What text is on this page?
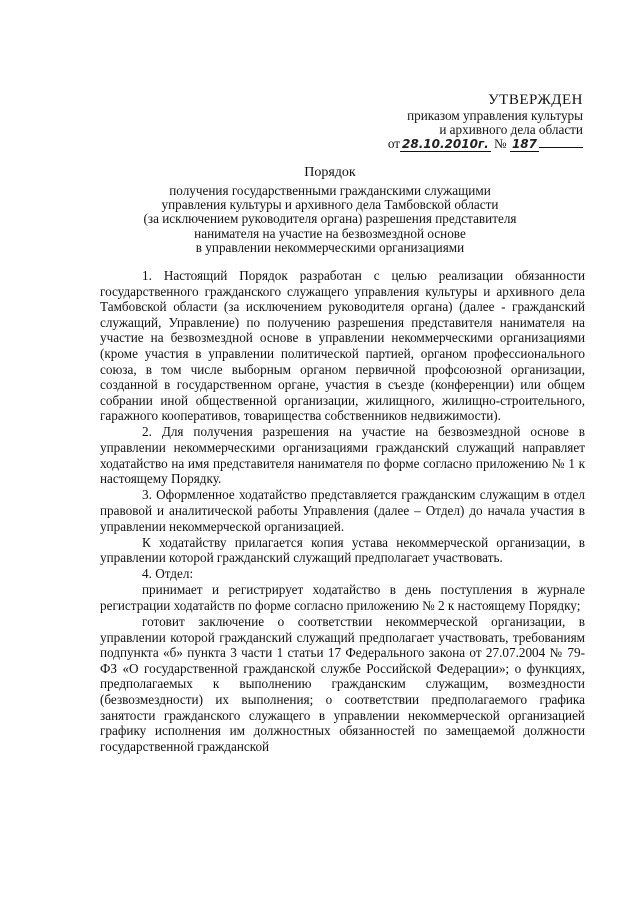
УТВЕРЖДЕН
приказом управления культуры
и архивного дела области
от 28.10.2010г. № 187
Порядок
получения государственными гражданскими служащими
управления культуры и архивного дела Тамбовской области
(за исключением руководителя органа) разрешения представителя
нанимателя на участие на безвозмездной основе
в управлении некоммерческими организациями

1. Настоящий Порядок разработан с целью реализации обязанности государственного гражданского служащего управления культуры и архивного дела Тамбовской области (за исключением руководителя органа) (далее - гражданский служащий, Управление) по получению разрешения представителя нанимателя на участие на безвозмездной основе в управлении некоммерческими организациями (кроме участия в управлении политической партией, органом профессионального союза, в том числе выборным органом первичной профсоюзной организации, созданной в государственном органе, участия в съезде (конференции) или общем собрании иной общественной организации, жилищного, жилищно-строительного, гаражного кооперативов, товарищества собственников недвижимости).

2. Для получения разрешения на участие на безвозмездной основе в управлении некоммерческими организациями гражданский служащий направляет ходатайство на имя представителя нанимателя по форме согласно приложению № 1 к настоящему Порядку.

3. Оформленное ходатайство представляется гражданским служащим в отдел правовой и аналитической работы Управления (далее – Отдел) до начала участия в управлении некоммерческой организацией.

К ходатайству прилагается копия устава некоммерческой организации, в управлении которой гражданский служащий предполагает участвовать.

4. Отдел:

принимает и регистрирует ходатайство в день поступления в журнале регистрации ходатайств по форме согласно приложению № 2 к настоящему Порядку;

готовит заключение о соответствии некоммерческой организации, в управлении которой гражданский служащий предполагает участвовать, требованиям подпункта «б» пункта 3 части 1 статьи 17 Федерального закона от 27.07.2004 № 79-ФЗ «О государственной гражданской службе Российской Федерации»; о функциях, предполагаемых к выполнению гражданским служащим, возмездности (безвозмездности) их выполнения; о соответствии предполагаемого графика занятости гражданского служащего в управлении некоммерческой организацией графику исполнения им должностных обязанностей по замещаемой должности государственной гражданской
